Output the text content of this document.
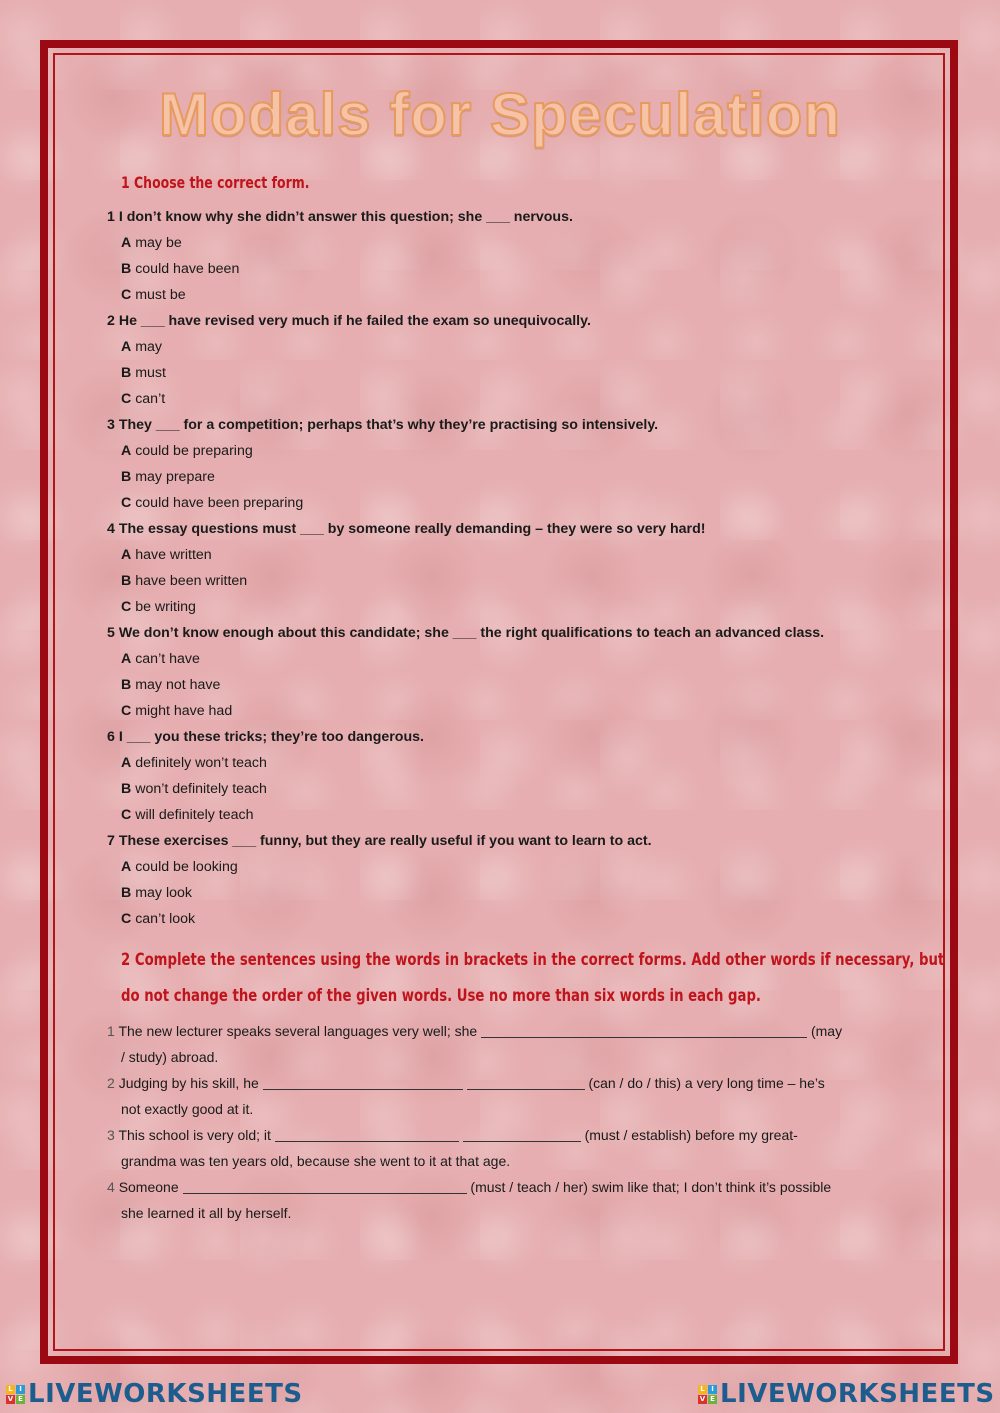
Modals for Speculation
1 Choose the correct form.
1 I don’t know why she didn’t answer this question; she ___ nervous.
A may be
B could have been
C must be
2 He ___ have revised very much if he failed the exam so unequivocally.
A may
B must
C can’t
3 They ___ for a competition; perhaps that’s why they’re practising so intensively.
A could be preparing
B may prepare
C could have been preparing
4 The essay questions must ___ by someone really demanding – they were so very hard!
A have written
B have been written
C be writing
5 We don’t know enough about this candidate; she ___ the right qualifications to teach an advanced class.
A can’t have
B may not have
C might have had
6 I ___ you these tricks; they’re too dangerous.
A definitely won’t teach
B won’t definitely teach
C will definitely teach
7 These exercises ___ funny, but they are really useful if you want to learn to act.
A could be looking
B may look
C can’t look
2 Complete the sentences using the words in brackets in the correct forms. Add other words if necessary, but
do not change the order of the given words. Use no more than six words in each gap.
1 The new lecturer speaks several languages very well; she	(may
/ study) abroad.
2 Judging by his skill, he	(can / do / this) a very long time – he’s
not exactly good at it.
3 This school is very old; it	(must / establish) before my great-
grandma was ten years old, because she went to it at that age.
4 Someone	(must / teach / her) swim like that; I don’t think it’s possible
she learned it all by herself.
L I
V E LIVEWORKSHEETS	L I
V E LIVEWORKSHEETS
